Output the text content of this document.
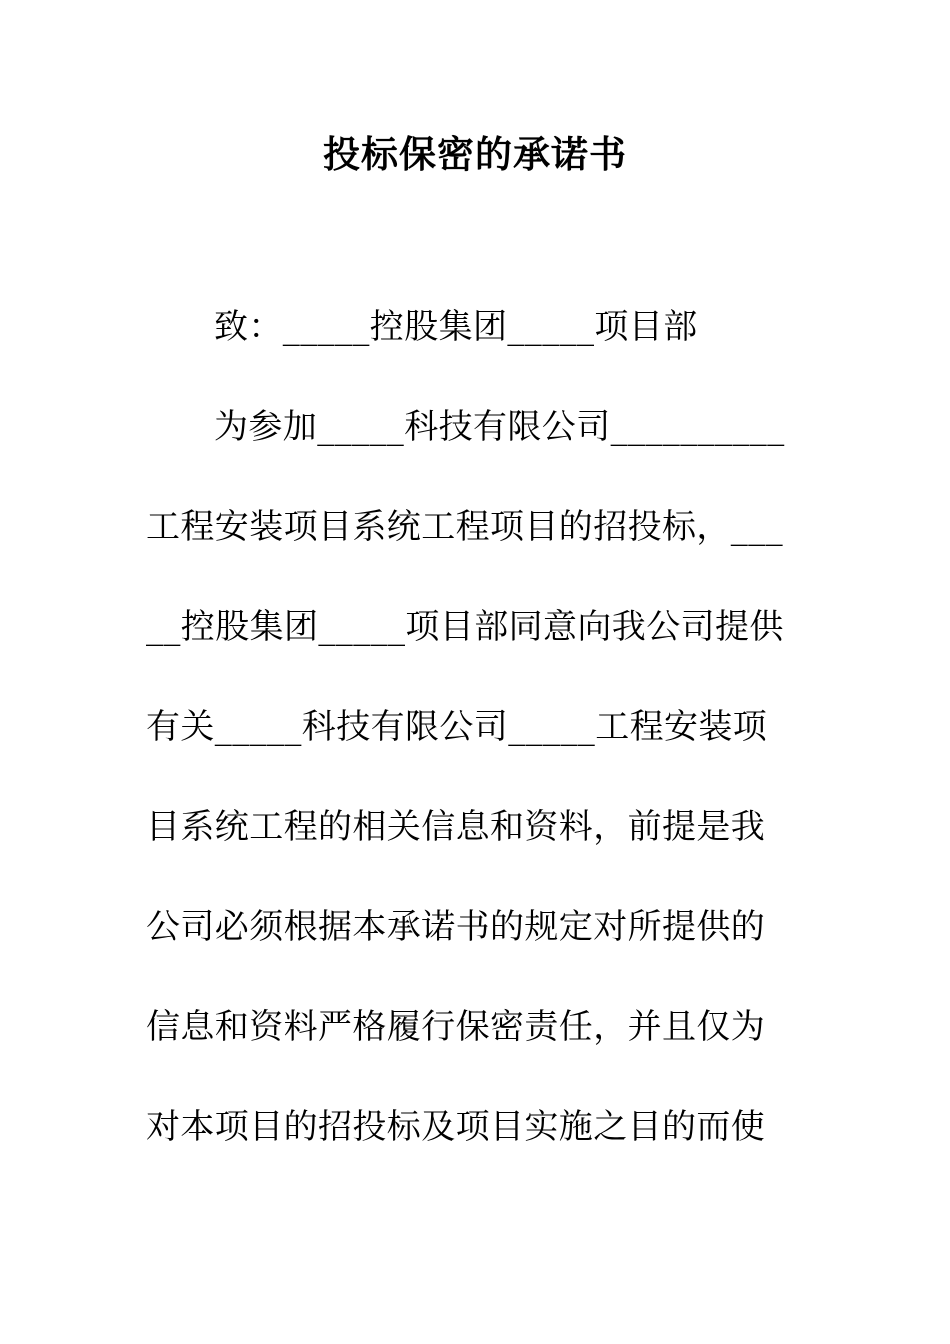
投标保密的承诺书
致：_____控股集团_____项目部
为参加_____科技有限公司__________
工程安装项目系统工程项目的招投标，___
__控股集团_____项目部同意向我公司提供
有关_____科技有限公司_____工程安装项
目系统工程的相关信息和资料，前提是我
公司必须根据本承诺书的规定对所提供的
信息和资料严格履行保密责任，并且仅为
对本项目的招投标及项目实施之目的而使
